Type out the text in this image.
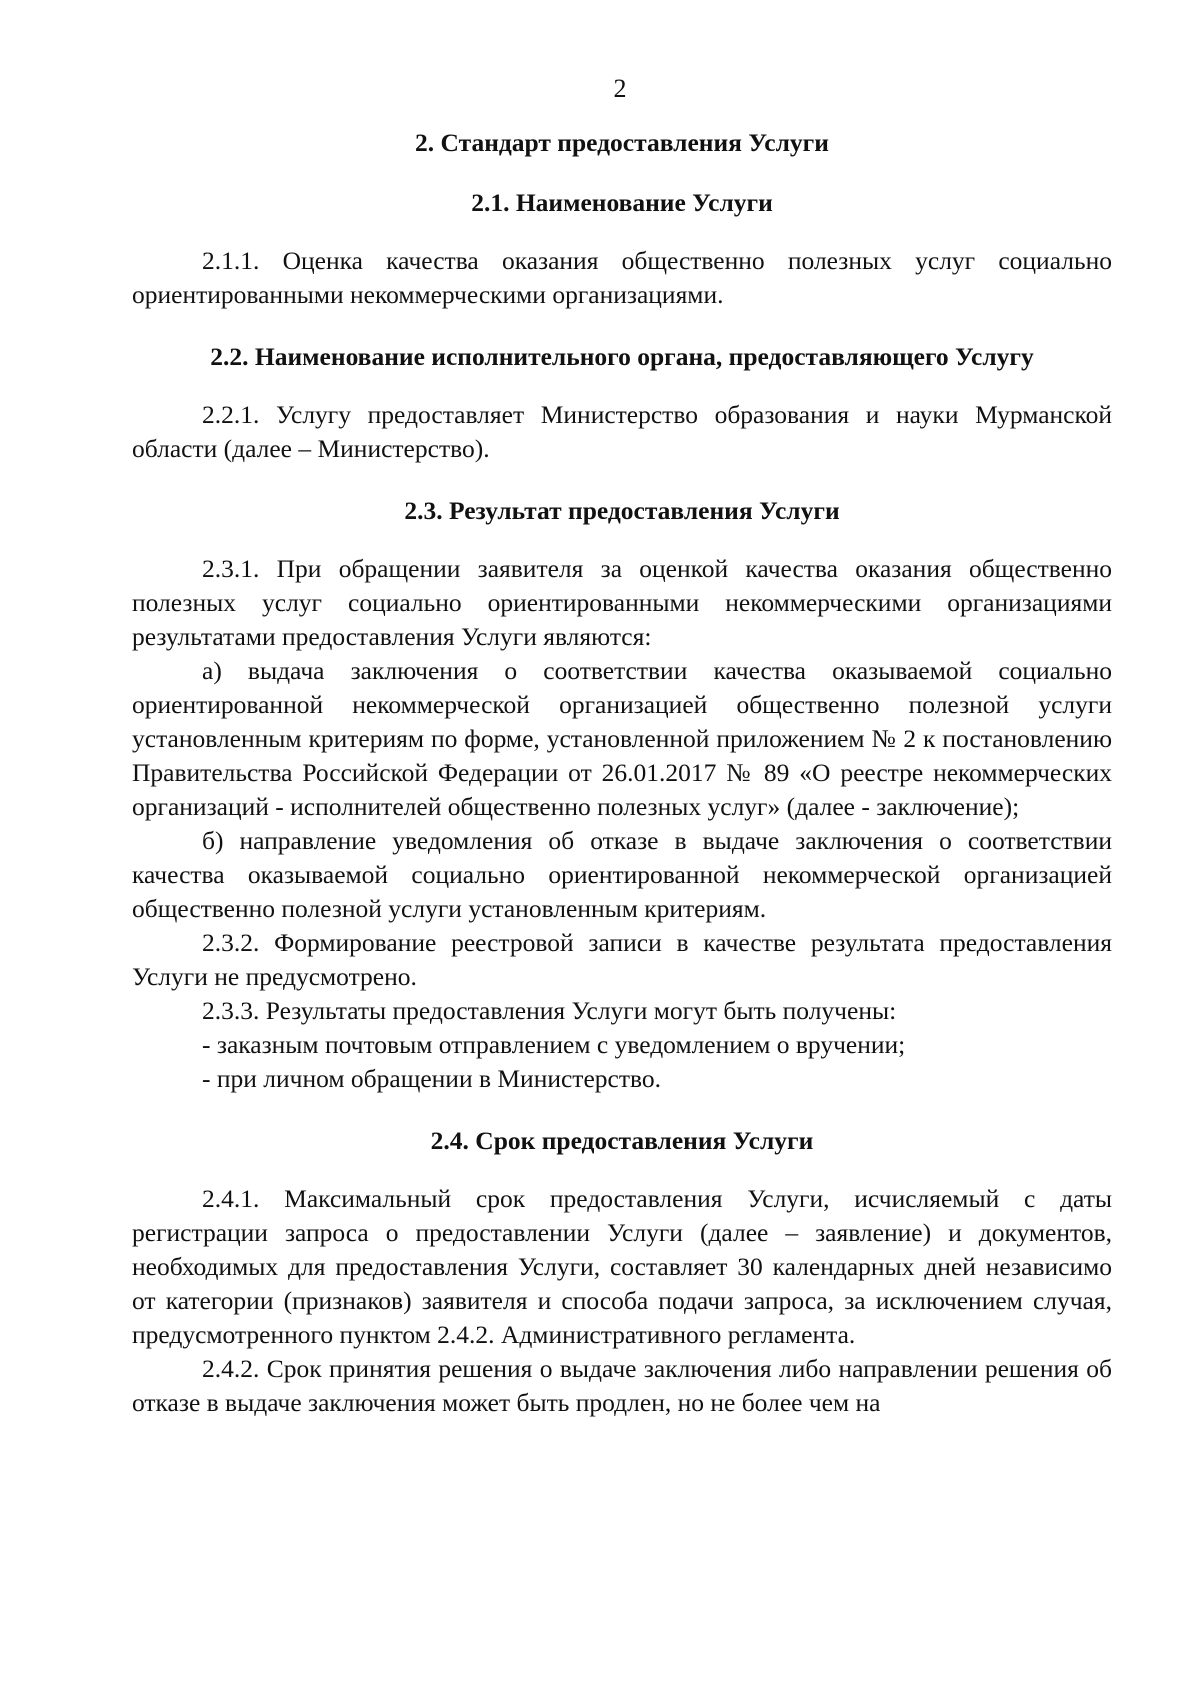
2

2. Стандарт предоставления Услуги

2.1. Наименование Услуги

2.1.1. Оценка качества оказания общественно полезных услуг социально ориентированными некоммерческими организациями.

2.2. Наименование исполнительного органа, предоставляющего Услугу

2.2.1. Услугу предоставляет Министерство образования и науки Мурманской области (далее – Министерство).

2.3. Результат предоставления Услуги

2.3.1. При обращении заявителя за оценкой качества оказания общественно полезных услуг социально ориентированными некоммерческими организациями результатами предоставления Услуги являются:

а) выдача заключения о соответствии качества оказываемой социально ориентированной некоммерческой организацией общественно полезной услуги установленным критериям по форме, установленной приложением № 2 к постановлению Правительства Российской Федерации от 26.01.2017 № 89 «О реестре некоммерческих организаций - исполнителей общественно полезных услуг» (далее - заключение);

б) направление уведомления об отказе в выдаче заключения о соответствии качества оказываемой социально ориентированной некоммерческой организацией общественно полезной услуги установленным критериям.

2.3.2. Формирование реестровой записи в качестве результата предоставления Услуги не предусмотрено.

2.3.3. Результаты предоставления Услуги могут быть получены:

- заказным почтовым отправлением с уведомлением о вручении;

- при личном обращении в Министерство.

2.4. Срок предоставления Услуги

2.4.1. Максимальный срок предоставления Услуги, исчисляемый с даты регистрации запроса о предоставлении Услуги (далее – заявление) и документов, необходимых для предоставления Услуги, составляет 30 календарных дней независимо от категории (признаков) заявителя и способа подачи запроса, за исключением случая, предусмотренного пунктом 2.4.2. Административного регламента.

2.4.2. Срок принятия решения о выдаче заключения либо направлении решения об отказе в выдаче заключения может быть продлен, но не более чем на
